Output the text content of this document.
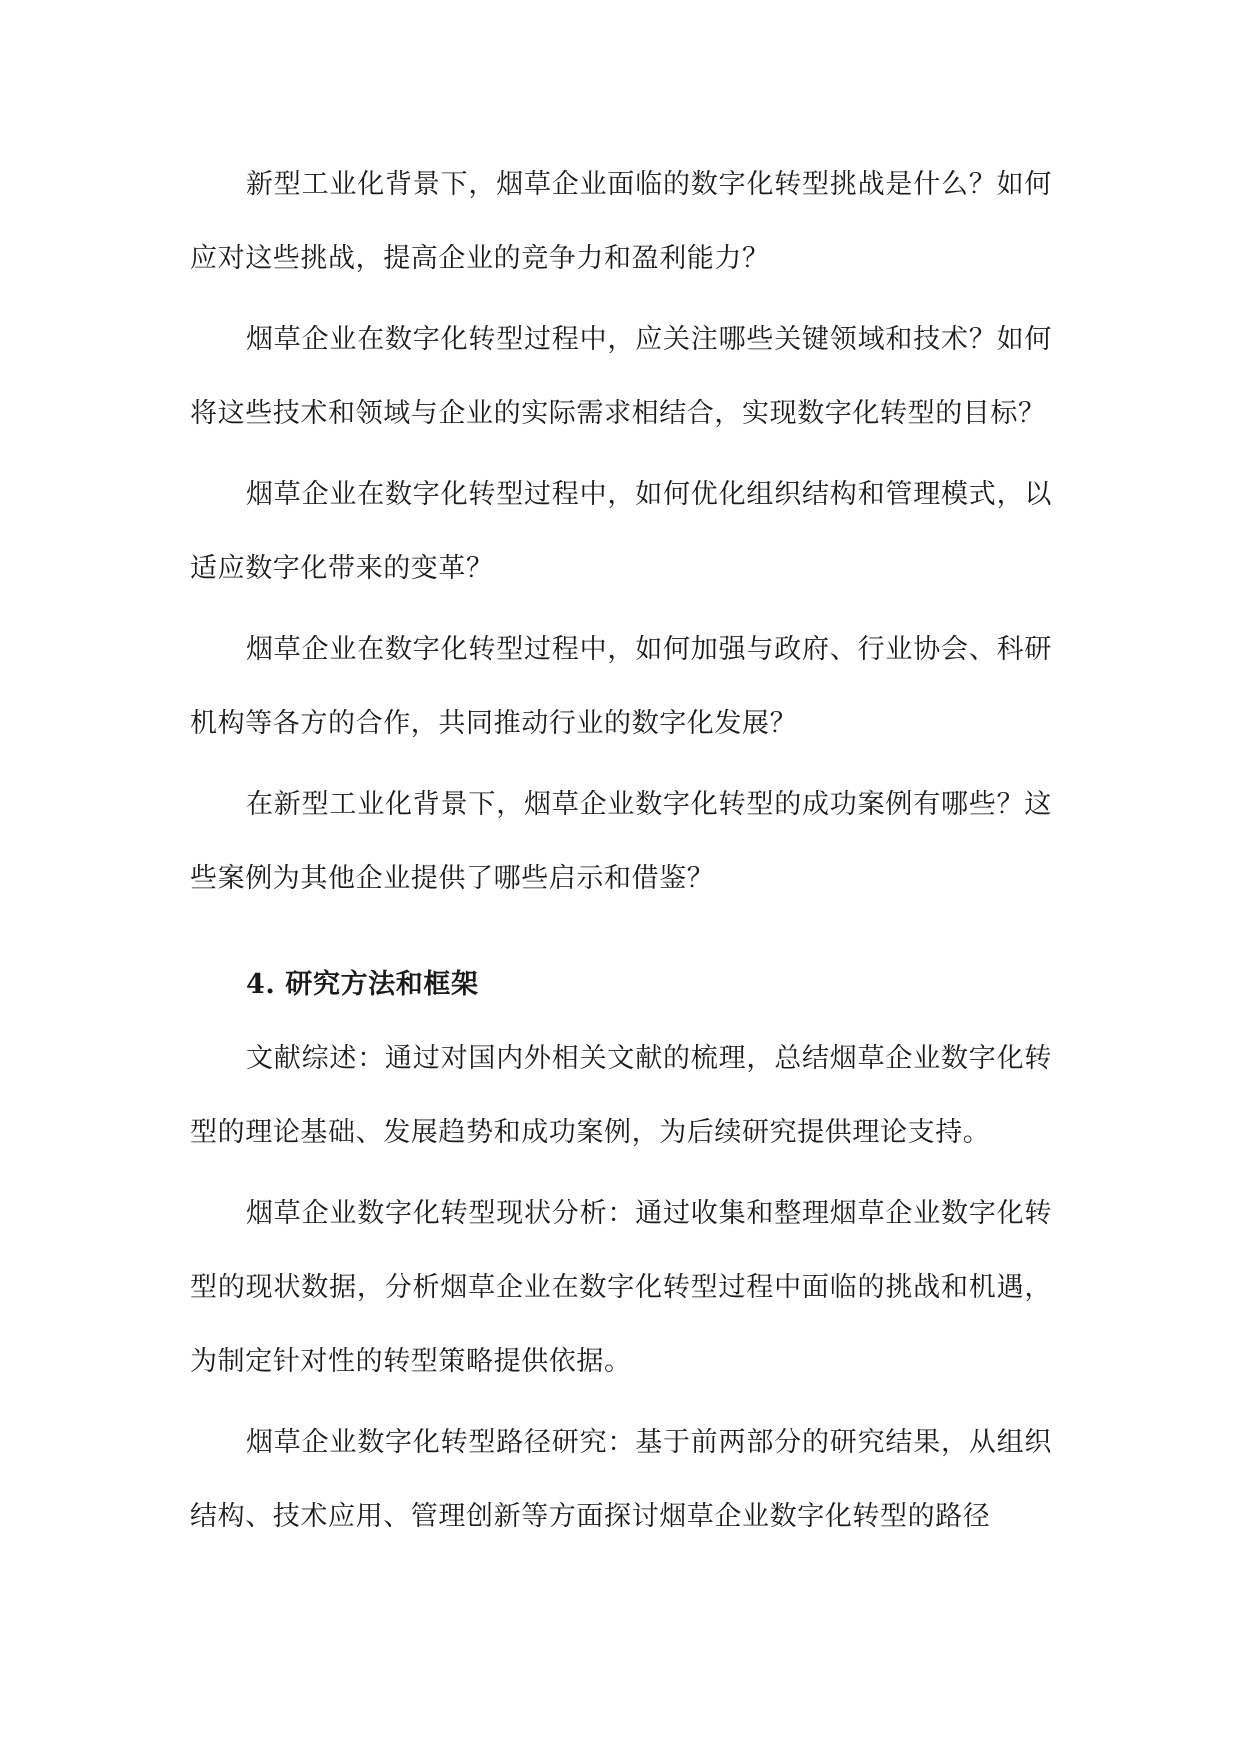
新型工业化背景下，烟草企业面临的数字化转型挑战是什么？如何应对这些挑战，提高企业的竞争力和盈利能力？

烟草企业在数字化转型过程中，应关注哪些关键领域和技术？如何将这些技术和领域与企业的实际需求相结合，实现数字化转型的目标？

烟草企业在数字化转型过程中，如何优化组织结构和管理模式，以适应数字化带来的变革？

烟草企业在数字化转型过程中，如何加强与政府、行业协会、科研机构等各方的合作，共同推动行业的数字化发展？

在新型工业化背景下，烟草企业数字化转型的成功案例有哪些？这些案例为其他企业提供了哪些启示和借鉴？

4. 研究方法和框架

文献综述：通过对国内外相关文献的梳理，总结烟草企业数字化转型的理论基础、发展趋势和成功案例，为后续研究提供理论支持。

烟草企业数字化转型现状分析：通过收集和整理烟草企业数字化转型的现状数据，分析烟草企业在数字化转型过程中面临的挑战和机遇，为制定针对性的转型策略提供依据。

烟草企业数字化转型路径研究：基于前两部分的研究结果，从组织结构、技术应用、管理创新等方面探讨烟草企业数字化转型的路径
